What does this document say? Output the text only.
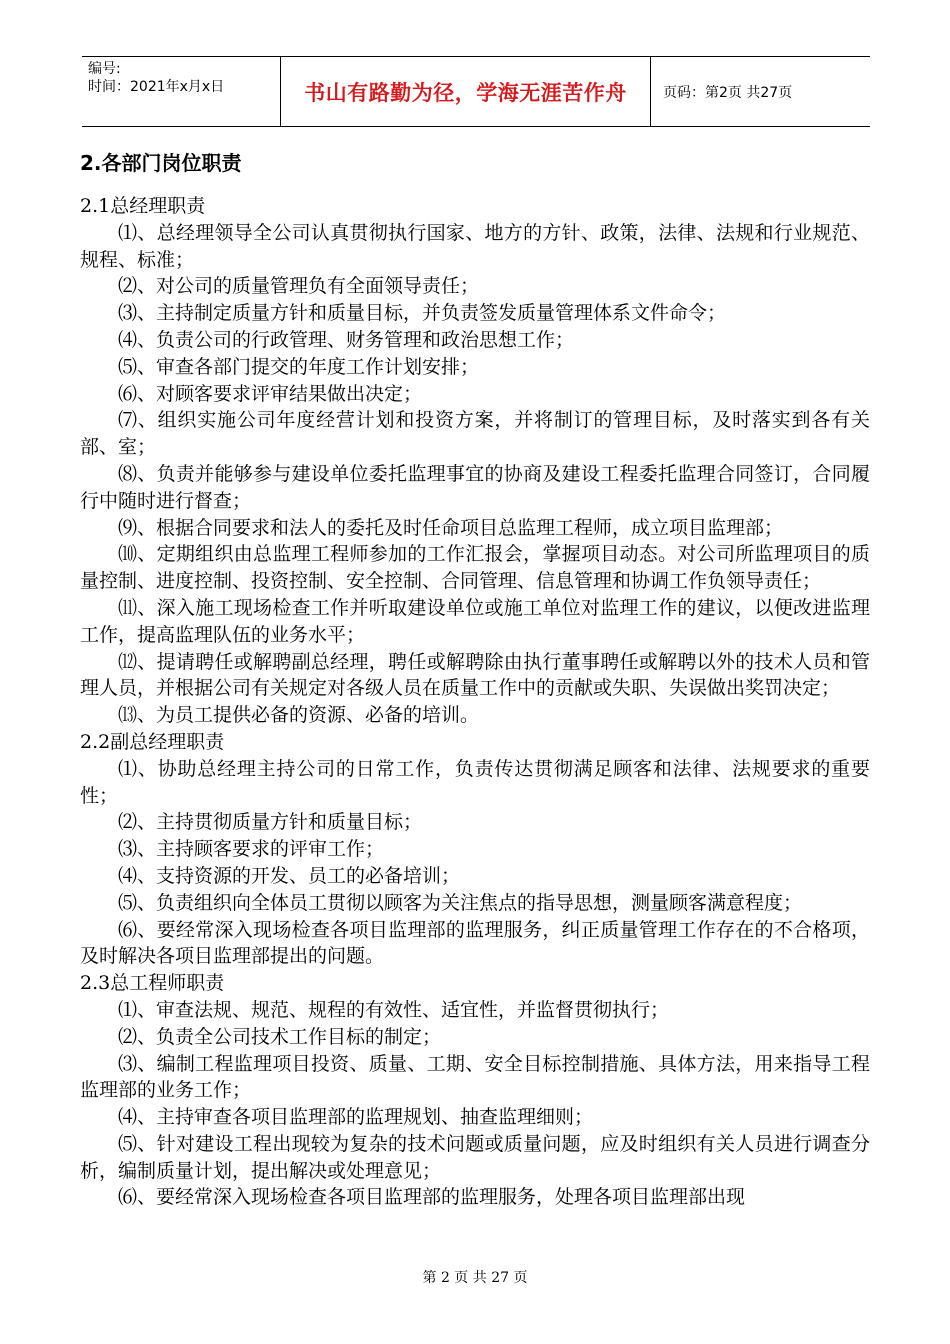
编号:
时间：2021年x月x日	书山有路勤为径，学海无涯苦作舟	页码：第2页 共27页
2.各部门岗位职责

2.1总经理职责

⑴、总经理领导全公司认真贯彻执行国家、地方的方针、政策，法律、法规和行业规范、规程、标准；

⑵、对公司的质量管理负有全面领导责任；

⑶、主持制定质量方针和质量目标，并负责签发质量管理体系文件命令；

⑷、负责公司的行政管理、财务管理和政治思想工作；

⑸、审查各部门提交的年度工作计划安排；

⑹、对顾客要求评审结果做出决定；

⑺、组织实施公司年度经营计划和投资方案，并将制订的管理目标，及时落实到各有关部、室；

⑻、负责并能够参与建设单位委托监理事宜的协商及建设工程委托监理合同签订，合同履行中随时进行督查；

⑼、根据合同要求和法人的委托及时任命项目总监理工程师，成立项目监理部；

⑽、定期组织由总监理工程师参加的工作汇报会，掌握项目动态。对公司所监理项目的质量控制、进度控制、投资控制、安全控制、合同管理、信息管理和协调工作负领导责任；

⑾、深入施工现场检查工作并听取建设单位或施工单位对监理工作的建议，以便改进监理工作，提高监理队伍的业务水平；

⑿、提请聘任或解聘副总经理，聘任或解聘除由执行董事聘任或解聘以外的技术人员和管理人员，并根据公司有关规定对各级人员在质量工作中的贡献或失职、失误做出奖罚决定；

⒀、为员工提供必备的资源、必备的培训。

2.2副总经理职责

⑴、协助总经理主持公司的日常工作，负责传达贯彻满足顾客和法律、法规要求的重要性；

⑵、主持贯彻质量方针和质量目标；

⑶、主持顾客要求的评审工作；

⑷、支持资源的开发、员工的必备培训；

⑸、负责组织向全体员工贯彻以顾客为关注焦点的指导思想，测量顾客满意程度；

⑹、要经常深入现场检查各项目监理部的监理服务，纠正质量管理工作存在的不合格项，及时解决各项目监理部提出的问题。

2.3总工程师职责

⑴、审查法规、规范、规程的有效性、适宜性，并监督贯彻执行；

⑵、负责全公司技术工作目标的制定；

⑶、编制工程监理项目投资、质量、工期、安全目标控制措施、具体方法，用来指导工程监理部的业务工作；

⑷、主持审查各项目监理部的监理规划、抽查监理细则；

⑸、针对建设工程出现较为复杂的技术问题或质量问题，应及时组织有关人员进行调查分析，编制质量计划，提出解决或处理意见；

⑹、要经常深入现场检查各项目监理部的监理服务，处理各项目监理部出现

第 2 页 共 27 页
